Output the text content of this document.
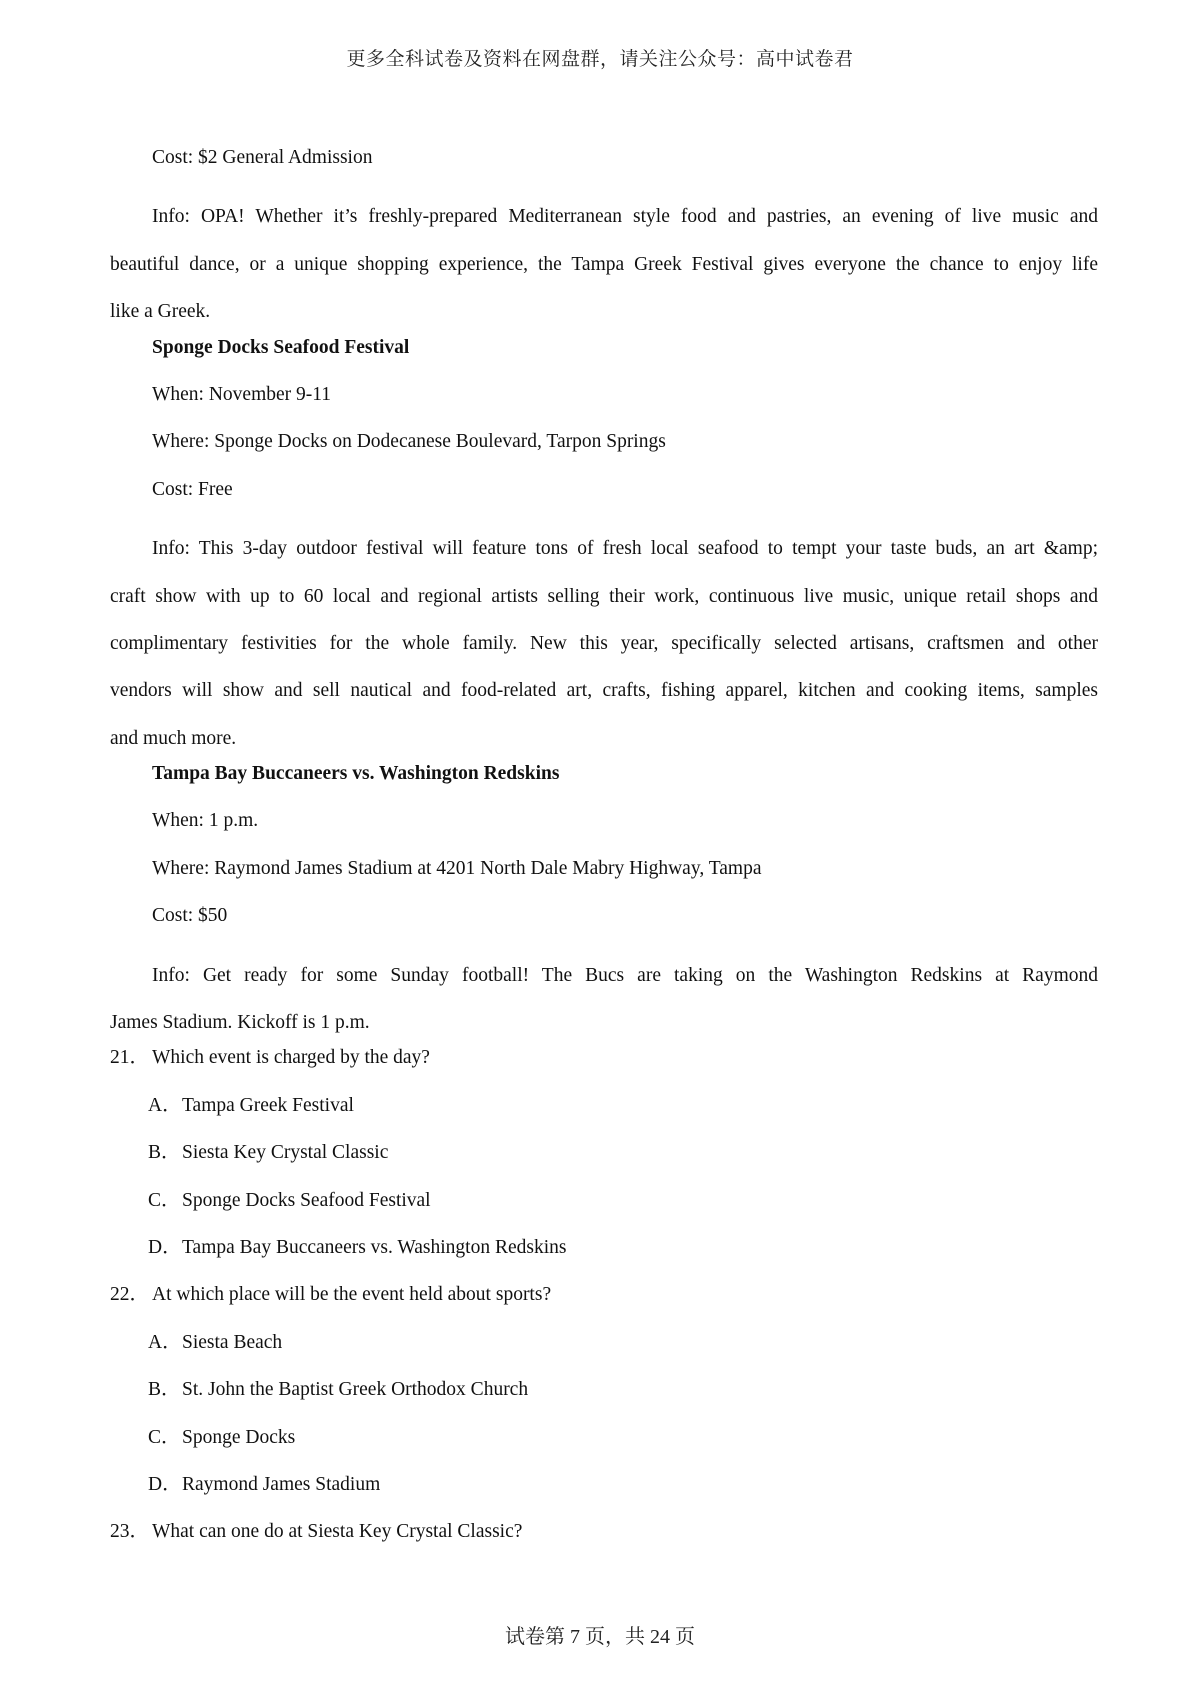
更多全科试卷及资料在网盘群，请关注公众号：高中试卷君
Cost: $2 General Admission
Info: OPA! Whether it’s freshly-prepared Mediterranean style food and pastries, an evening of live music and
beautiful dance, or a unique shopping experience, the Tampa Greek Festival gives everyone the chance to enjoy life
like a Greek.
Sponge Docks Seafood Festival
When: November 9-11
Where: Sponge Docks on Dodecanese Boulevard, Tarpon Springs
Cost: Free
Info: This 3-day outdoor festival will feature tons of fresh local seafood to tempt your taste buds, an art &amp;
craft show with up to 60 local and regional artists selling their work, continuous live music, unique retail shops and
complimentary festivities for the whole family. New this year, specifically selected artisans, craftsmen and other
vendors will show and sell nautical and food-related art, crafts, fishing apparel, kitchen and cooking items, samples
and much more.
Tampa Bay Buccaneers vs. Washington Redskins
When: 1 p.m.
Where: Raymond James Stadium at 4201 North Dale Mabry Highway, Tampa
Cost: $50
Info: Get ready for some Sunday football! The Bucs are taking on the Washington Redskins at Raymond
James Stadium. Kickoff is 1 p.m.
21． Which event is charged by the day?
A． Tampa Greek Festival
B． Siesta Key Crystal Classic
C． Sponge Docks Seafood Festival
D． Tampa Bay Buccaneers vs. Washington Redskins
22． At which place will be the event held about sports?
A． Siesta Beach
B． St. John the Baptist Greek Orthodox Church
C． Sponge Docks
D． Raymond James Stadium
23． What can one do at Siesta Key Crystal Classic?
试卷第 7 页，共 24 页
